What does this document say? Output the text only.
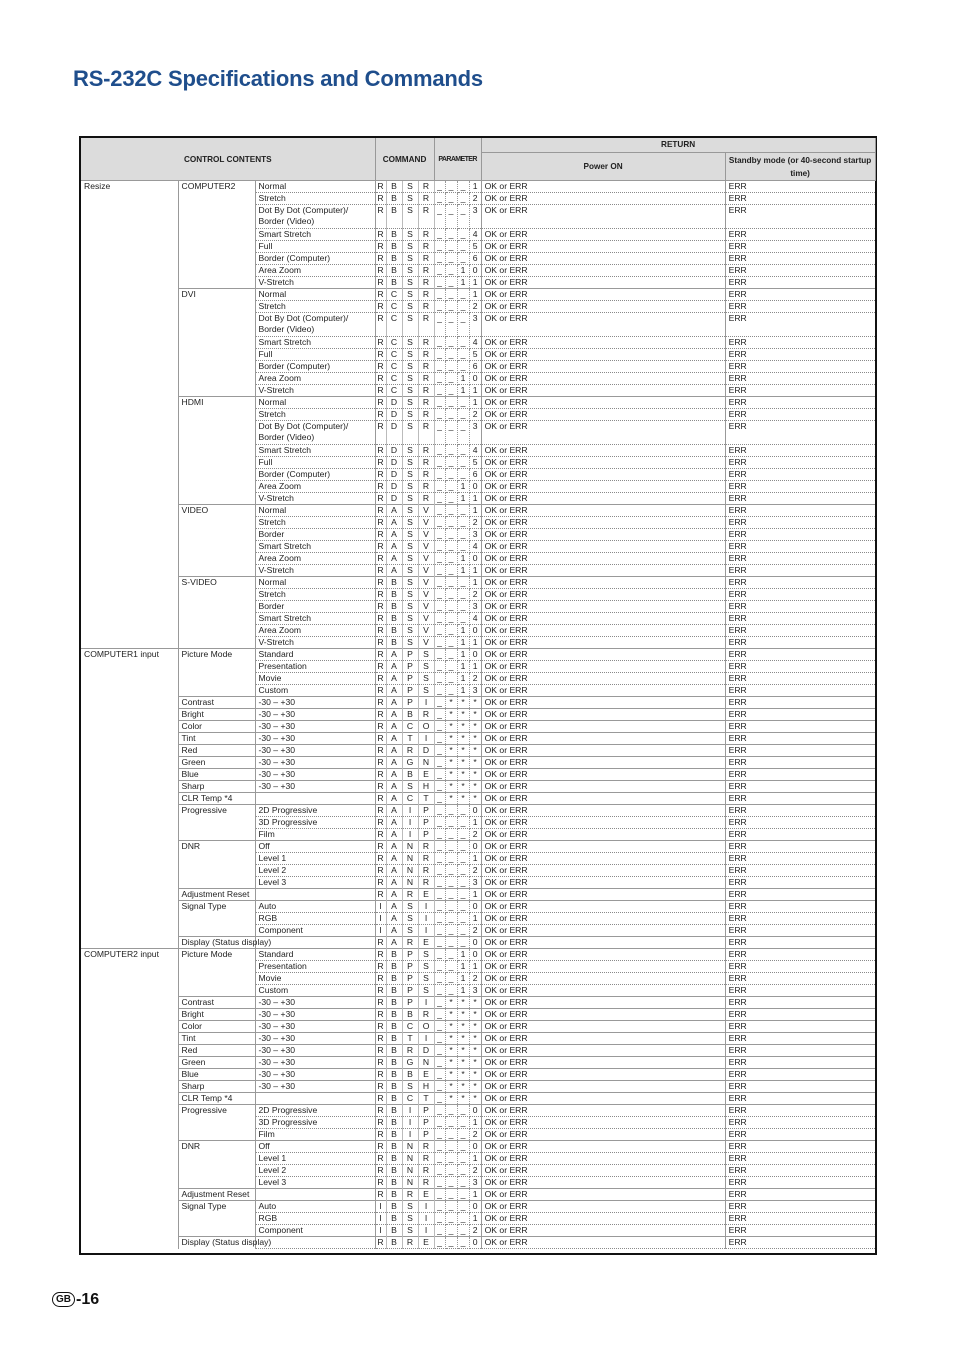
RS-232C Specifications and Commands
CONTROL CONTENTS			COMMAND				PARAMETER				RETURN	
											Power ON	Standby mode (or 40-second startup time)
Resize	COMPUTER2	Normal	R	B	S	R	_	_	_	1	OK or ERR	ERR
		Stretch	R	B	S	R	_	_	_	2	OK or ERR	ERR
		Dot By Dot (Computer)/
Border (Video)	R	B	S	R	_	_	_	3	OK or ERR	ERR
		Smart Stretch	R	B	S	R	_	_	_	4	OK or ERR	ERR
		Full	R	B	S	R	_	_	_	5	OK or ERR	ERR
		Border (Computer)	R	B	S	R	_	_	_	6	OK or ERR	ERR
		Area Zoom	R	B	S	R	_	_	1	0	OK or ERR	ERR
		V-Stretch	R	B	S	R	_	_	1	1	OK or ERR	ERR
	DVI	Normal	R	C	S	R	_	_	_	1	OK or ERR	ERR
		Stretch	R	C	S	R	_	_	_	2	OK or ERR	ERR
		Dot By Dot (Computer)/
Border (Video)	R	C	S	R	_	_	_	3	OK or ERR	ERR
		Smart Stretch	R	C	S	R	_	_	_	4	OK or ERR	ERR
		Full	R	C	S	R	_	_	_	5	OK or ERR	ERR
		Border (Computer)	R	C	S	R	_	_	_	6	OK or ERR	ERR
		Area Zoom	R	C	S	R	_	_	1	0	OK or ERR	ERR
		V-Stretch	R	C	S	R	_	_	1	1	OK or ERR	ERR
	HDMI	Normal	R	D	S	R	_	_	_	1	OK or ERR	ERR
		Stretch	R	D	S	R	_	_	_	2	OK or ERR	ERR
		Dot By Dot (Computer)/
Border (Video)	R	D	S	R	_	_	_	3	OK or ERR	ERR
		Smart Stretch	R	D	S	R	_	_	_	4	OK or ERR	ERR
		Full	R	D	S	R	_	_	_	5	OK or ERR	ERR
		Border (Computer)	R	D	S	R	_	_	_	6	OK or ERR	ERR
		Area Zoom	R	D	S	R	_	_	1	0	OK or ERR	ERR
		V-Stretch	R	D	S	R	_	_	1	1	OK or ERR	ERR
	VIDEO	Normal	R	A	S	V	_	_	_	1	OK or ERR	ERR
		Stretch	R	A	S	V	_	_	_	2	OK or ERR	ERR
		Border	R	A	S	V	_	_	_	3	OK or ERR	ERR
		Smart Stretch	R	A	S	V	_	_	_	4	OK or ERR	ERR
		Area Zoom	R	A	S	V	_	_	1	0	OK or ERR	ERR
		V-Stretch	R	A	S	V	_	_	1	1	OK or ERR	ERR
	S-VIDEO	Normal	R	B	S	V	_	_	_	1	OK or ERR	ERR
		Stretch	R	B	S	V	_	_	_	2	OK or ERR	ERR
		Border	R	B	S	V	_	_	_	3	OK or ERR	ERR
		Smart Stretch	R	B	S	V	_	_	_	4	OK or ERR	ERR
		Area Zoom	R	B	S	V	_	_	1	0	OK or ERR	ERR
		V-Stretch	R	B	S	V	_	_	1	1	OK or ERR	ERR
COMPUTER1 input	Picture Mode	Standard	R	A	P	S	_	_	1	0	OK or ERR	ERR
		Presentation	R	A	P	S	_	_	1	1	OK or ERR	ERR
		Movie	R	A	P	S	_	_	1	2	OK or ERR	ERR
		Custom	R	A	P	S	_	_	1	3	OK or ERR	ERR
	Contrast	-30 – +30	R	A	P	I	_	*	*	*	OK or ERR	ERR
	Bright	-30 – +30	R	A	B	R	_	*	*	*	OK or ERR	ERR
	Color	-30 – +30	R	A	C	O	_	*	*	*	OK or ERR	ERR
	Tint	-30 – +30	R	A	T	I	_	*	*	*	OK or ERR	ERR
	Red	-30 – +30	R	A	R	D	_	*	*	*	OK or ERR	ERR
	Green	-30 – +30	R	A	G	N	_	*	*	*	OK or ERR	ERR
	Blue	-30 – +30	R	A	B	E	_	*	*	*	OK or ERR	ERR
	Sharp	-30 – +30	R	A	S	H	_	*	*	*	OK or ERR	ERR
	CLR Temp *4		R	A	C	T	_	*	*	*	OK or ERR	ERR
	Progressive	2D Progressive	R	A	I	P	_	_	_	0	OK or ERR	ERR
		3D Progressive	R	A	I	P	_	_	_	1	OK or ERR	ERR
		Film	R	A	I	P	_	_	_	2	OK or ERR	ERR
	DNR	Off	R	A	N	R	_	_	_	0	OK or ERR	ERR
		Level 1	R	A	N	R	_	_	_	1	OK or ERR	ERR
		Level 2	R	A	N	R	_	_	_	2	OK or ERR	ERR
		Level 3	R	A	N	R	_	_	_	3	OK or ERR	ERR
	Adjustment Reset		R	A	R	E	_	_	_	1	OK or ERR	ERR
	Signal Type	Auto	I	A	S	I	_	_	_	0	OK or ERR	ERR
		RGB	I	A	S	I	_	_	_	1	OK or ERR	ERR
		Component	I	A	S	I	_	_	_	2	OK or ERR	ERR
	Display (Status display)		R	A	R	E	_	_	_	0	OK or ERR	ERR
COMPUTER2 input	Picture Mode	Standard	R	B	P	S	_	_	1	0	OK or ERR	ERR
		Presentation	R	B	P	S	_	_	1	1	OK or ERR	ERR
		Movie	R	B	P	S	_	_	1	2	OK or ERR	ERR
		Custom	R	B	P	S	_	_	1	3	OK or ERR	ERR
	Contrast	-30 – +30	R	B	P	I	_	*	*	*	OK or ERR	ERR
	Bright	-30 – +30	R	B	B	R	_	*	*	*	OK or ERR	ERR
	Color	-30 – +30	R	B	C	O	_	*	*	*	OK or ERR	ERR
	Tint	-30 – +30	R	B	T	I	_	*	*	*	OK or ERR	ERR
	Red	-30 – +30	R	B	R	D	_	*	*	*	OK or ERR	ERR
	Green	-30 – +30	R	B	G	N	_	*	*	*	OK or ERR	ERR
	Blue	-30 – +30	R	B	B	E	_	*	*	*	OK or ERR	ERR
	Sharp	-30 – +30	R	B	S	H	_	*	*	*	OK or ERR	ERR
	CLR Temp *4		R	B	C	T	_	*	*	*	OK or ERR	ERR
	Progressive	2D Progressive	R	B	I	P	_	_	_	0	OK or ERR	ERR
		3D Progressive	R	B	I	P	_	_	_	1	OK or ERR	ERR
		Film	R	B	I	P	_	_	_	2	OK or ERR	ERR
	DNR	Off	R	B	N	R	_	_	_	0	OK or ERR	ERR
		Level 1	R	B	N	R	_	_	_	1	OK or ERR	ERR
		Level 2	R	B	N	R	_	_	_	2	OK or ERR	ERR
		Level 3	R	B	N	R	_	_	_	3	OK or ERR	ERR
	Adjustment Reset		R	B	R	E	_	_	_	1	OK or ERR	ERR
	Signal Type	Auto	I	B	S	I	_	_	_	0	OK or ERR	ERR
		RGB	I	B	S	I	_	_	_	1	OK or ERR	ERR
		Component	I	B	S	I	_	_	_	2	OK or ERR	ERR
	Display (Status display)		R	B	R	E	_	_	_	0	OK or ERR	ERR
GB -16
